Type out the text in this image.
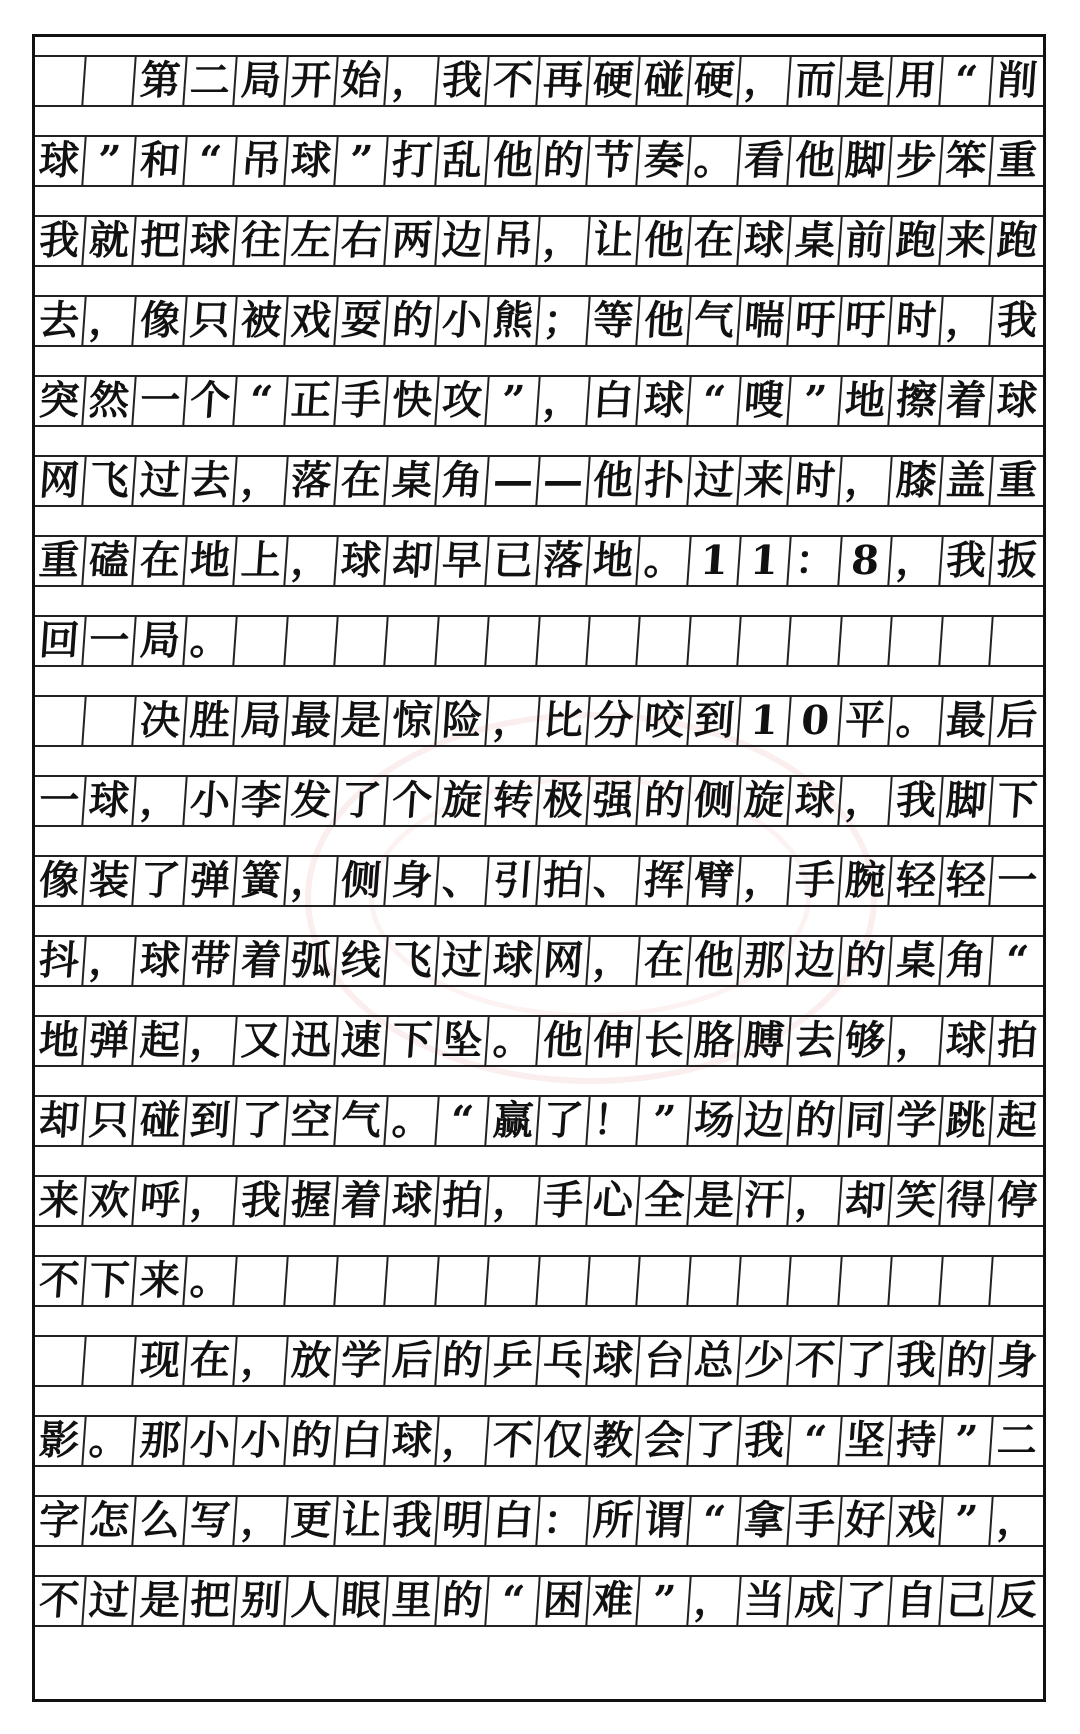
第 二 局 开 始 ， 我 不 再 硬 碰 硬 ， 而 是 用 “ 削
球 ” 和 “ 吊 球 ” 打 乱 他 的 节 奏 。 看 他 脚 步 笨 重
我 就 把 球 往 左 右 两 边 吊 ， 让 他 在 球 桌 前 跑 来 跑
去 ， 像 只 被 戏 耍 的 小 熊 ； 等 他 气 喘 吁 吁 时 ， 我
突 然 一 个 “ 正 手 快 攻 ” ， 白 球 “ 嗖 ” 地 擦 着 球
网 飞 过 去 ， 落 在 桌 角 — — 他 扑 过 来 时 ， 膝 盖 重
重 磕 在 地 上 ， 球 却 早 已 落 地 。 1 1 ： 8 ， 我 扳
回 一 局 。

决 胜 局 最 是 惊 险 ， 比 分 咬 到 1 0 平 。 最 后
一 球 ， 小 李 发 了 个 旋 转 极 强 的 侧 旋 球 ， 我 脚 下
像 装 了 弹 簧 ， 侧 身 、 引 拍 、 挥 臂 ， 手 腕 轻 轻 一
抖 ， 球 带 着 弧 线 飞 过 球 网 ， 在 他 那 边 的 桌 角 “
地 弹 起 ， 又 迅 速 下 坠 。 他 伸 长 胳 膊 去 够 ， 球 拍
却 只 碰 到 了 空 气 。 “ 赢 了 ！ ” 场 边 的 同 学 跳 起
来 欢 呼 ， 我 握 着 球 拍 ， 手 心 全 是 汗 ， 却 笑 得 停
不 下 来 。

现 在 ， 放 学 后 的 乒 乓 球 台 总 少 不 了 我 的 身
影 。 那 小 小 的 白 球 ， 不 仅 教 会 了 我 “ 坚 持 ” 二
字 怎 么 写 ， 更 让 我 明 白 ： 所 谓 “ 拿 手 好 戏 ” ，
不 过 是 把 别 人 眼 里 的 “ 困 难 ” ， 当 成 了 自 己 反
